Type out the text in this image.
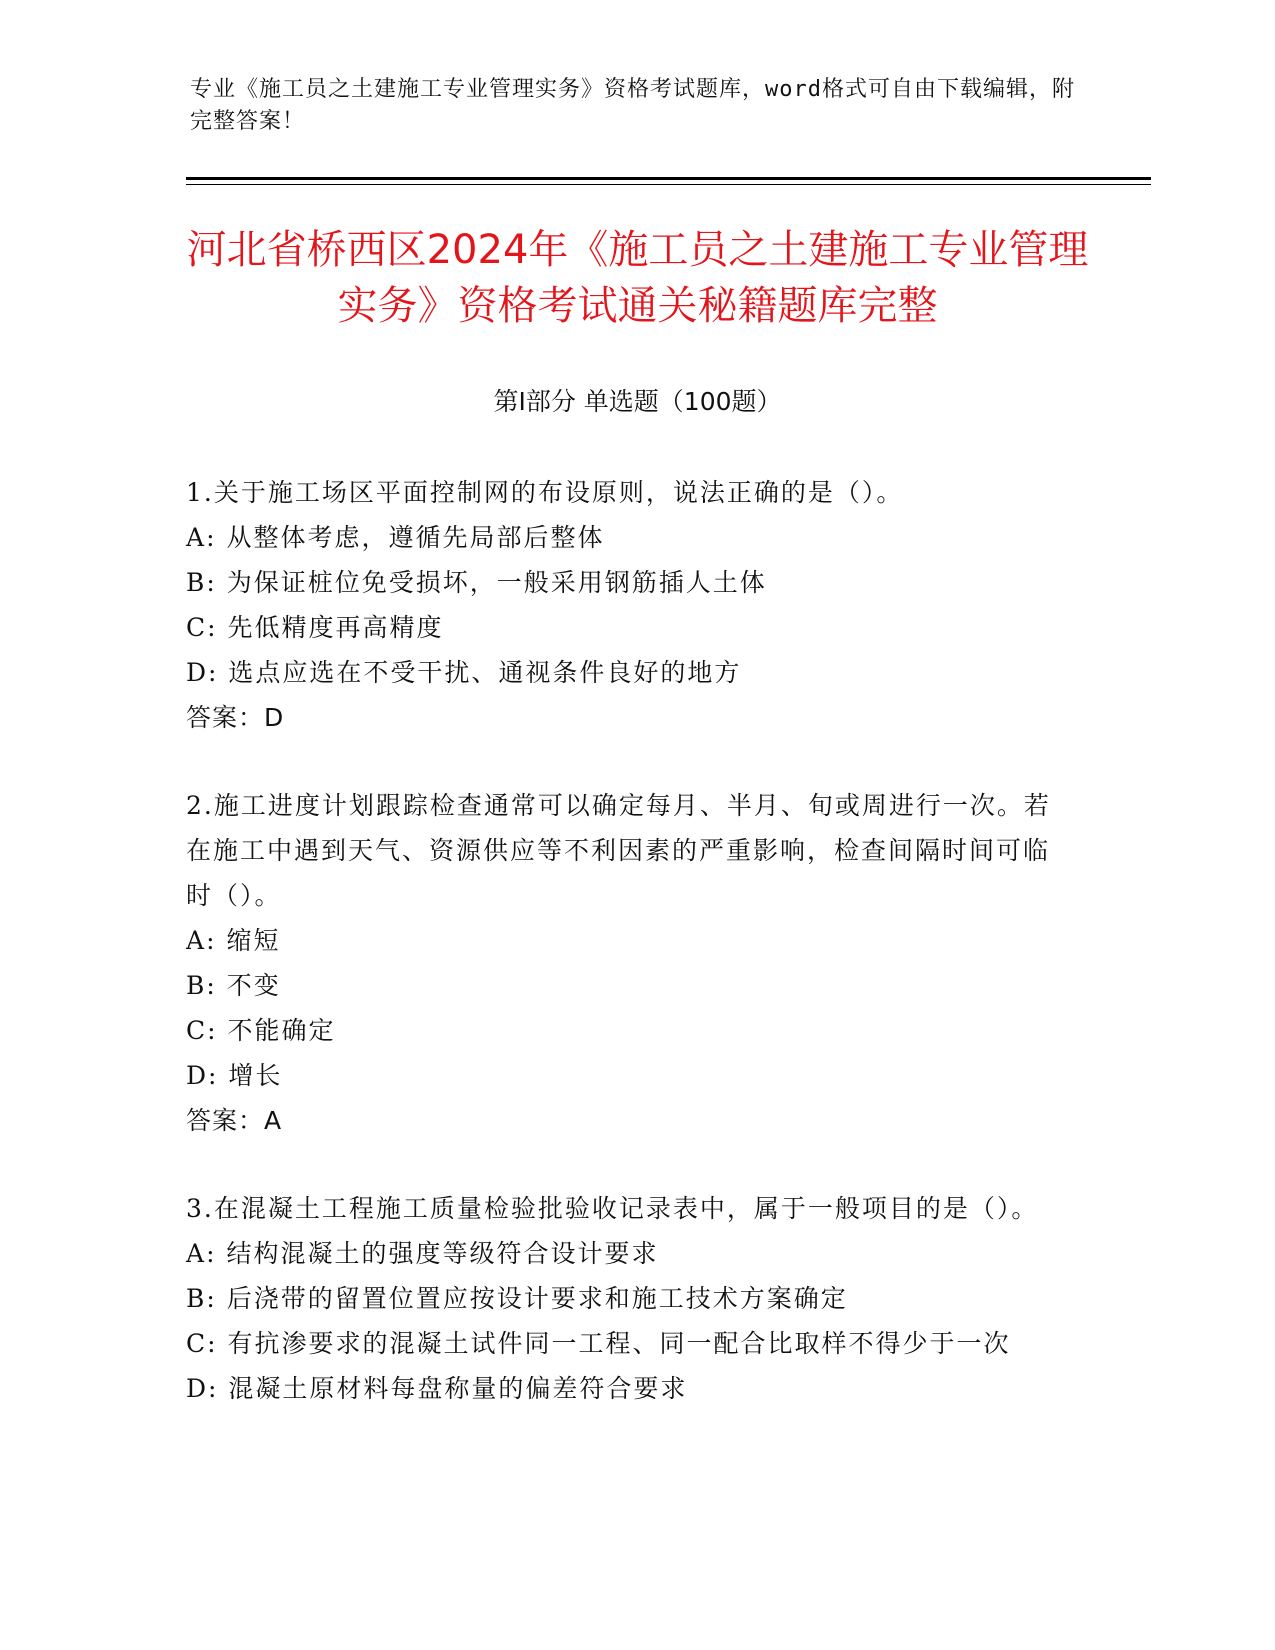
专业《施工员之土建施工专业管理实务》资格考试题库，word格式可自由下载编辑，附完整答案！
河北省桥西区2024年《施工员之土建施工专业管理实务》资格考试通关秘籍题库完整
第Ⅰ部分 单选题（100题）
1.关于施工场区平面控制网的布设原则，说法正确的是（）。
A: 从整体考虑，遵循先局部后整体
B: 为保证桩位免受损坏，一般采用钢筋插人土体
C: 先低精度再高精度
D: 选点应选在不受干扰、通视条件良好的地方
答案：D
2.施工进度计划跟踪检查通常可以确定每月、半月、旬或周进行一次。若在施工中遇到天气、资源供应等不利因素的严重影响，检查间隔时间可临时（）。
A: 缩短
B: 不变
C: 不能确定
D: 增长
答案：A
3.在混凝土工程施工质量检验批验收记录表中，属于一般项目的是（）。
A: 结构混凝土的强度等级符合设计要求
B: 后浇带的留置位置应按设计要求和施工技术方案确定
C: 有抗渗要求的混凝土试件同一工程、同一配合比取样不得少于一次
D: 混凝土原材料每盘称量的偏差符合要求
